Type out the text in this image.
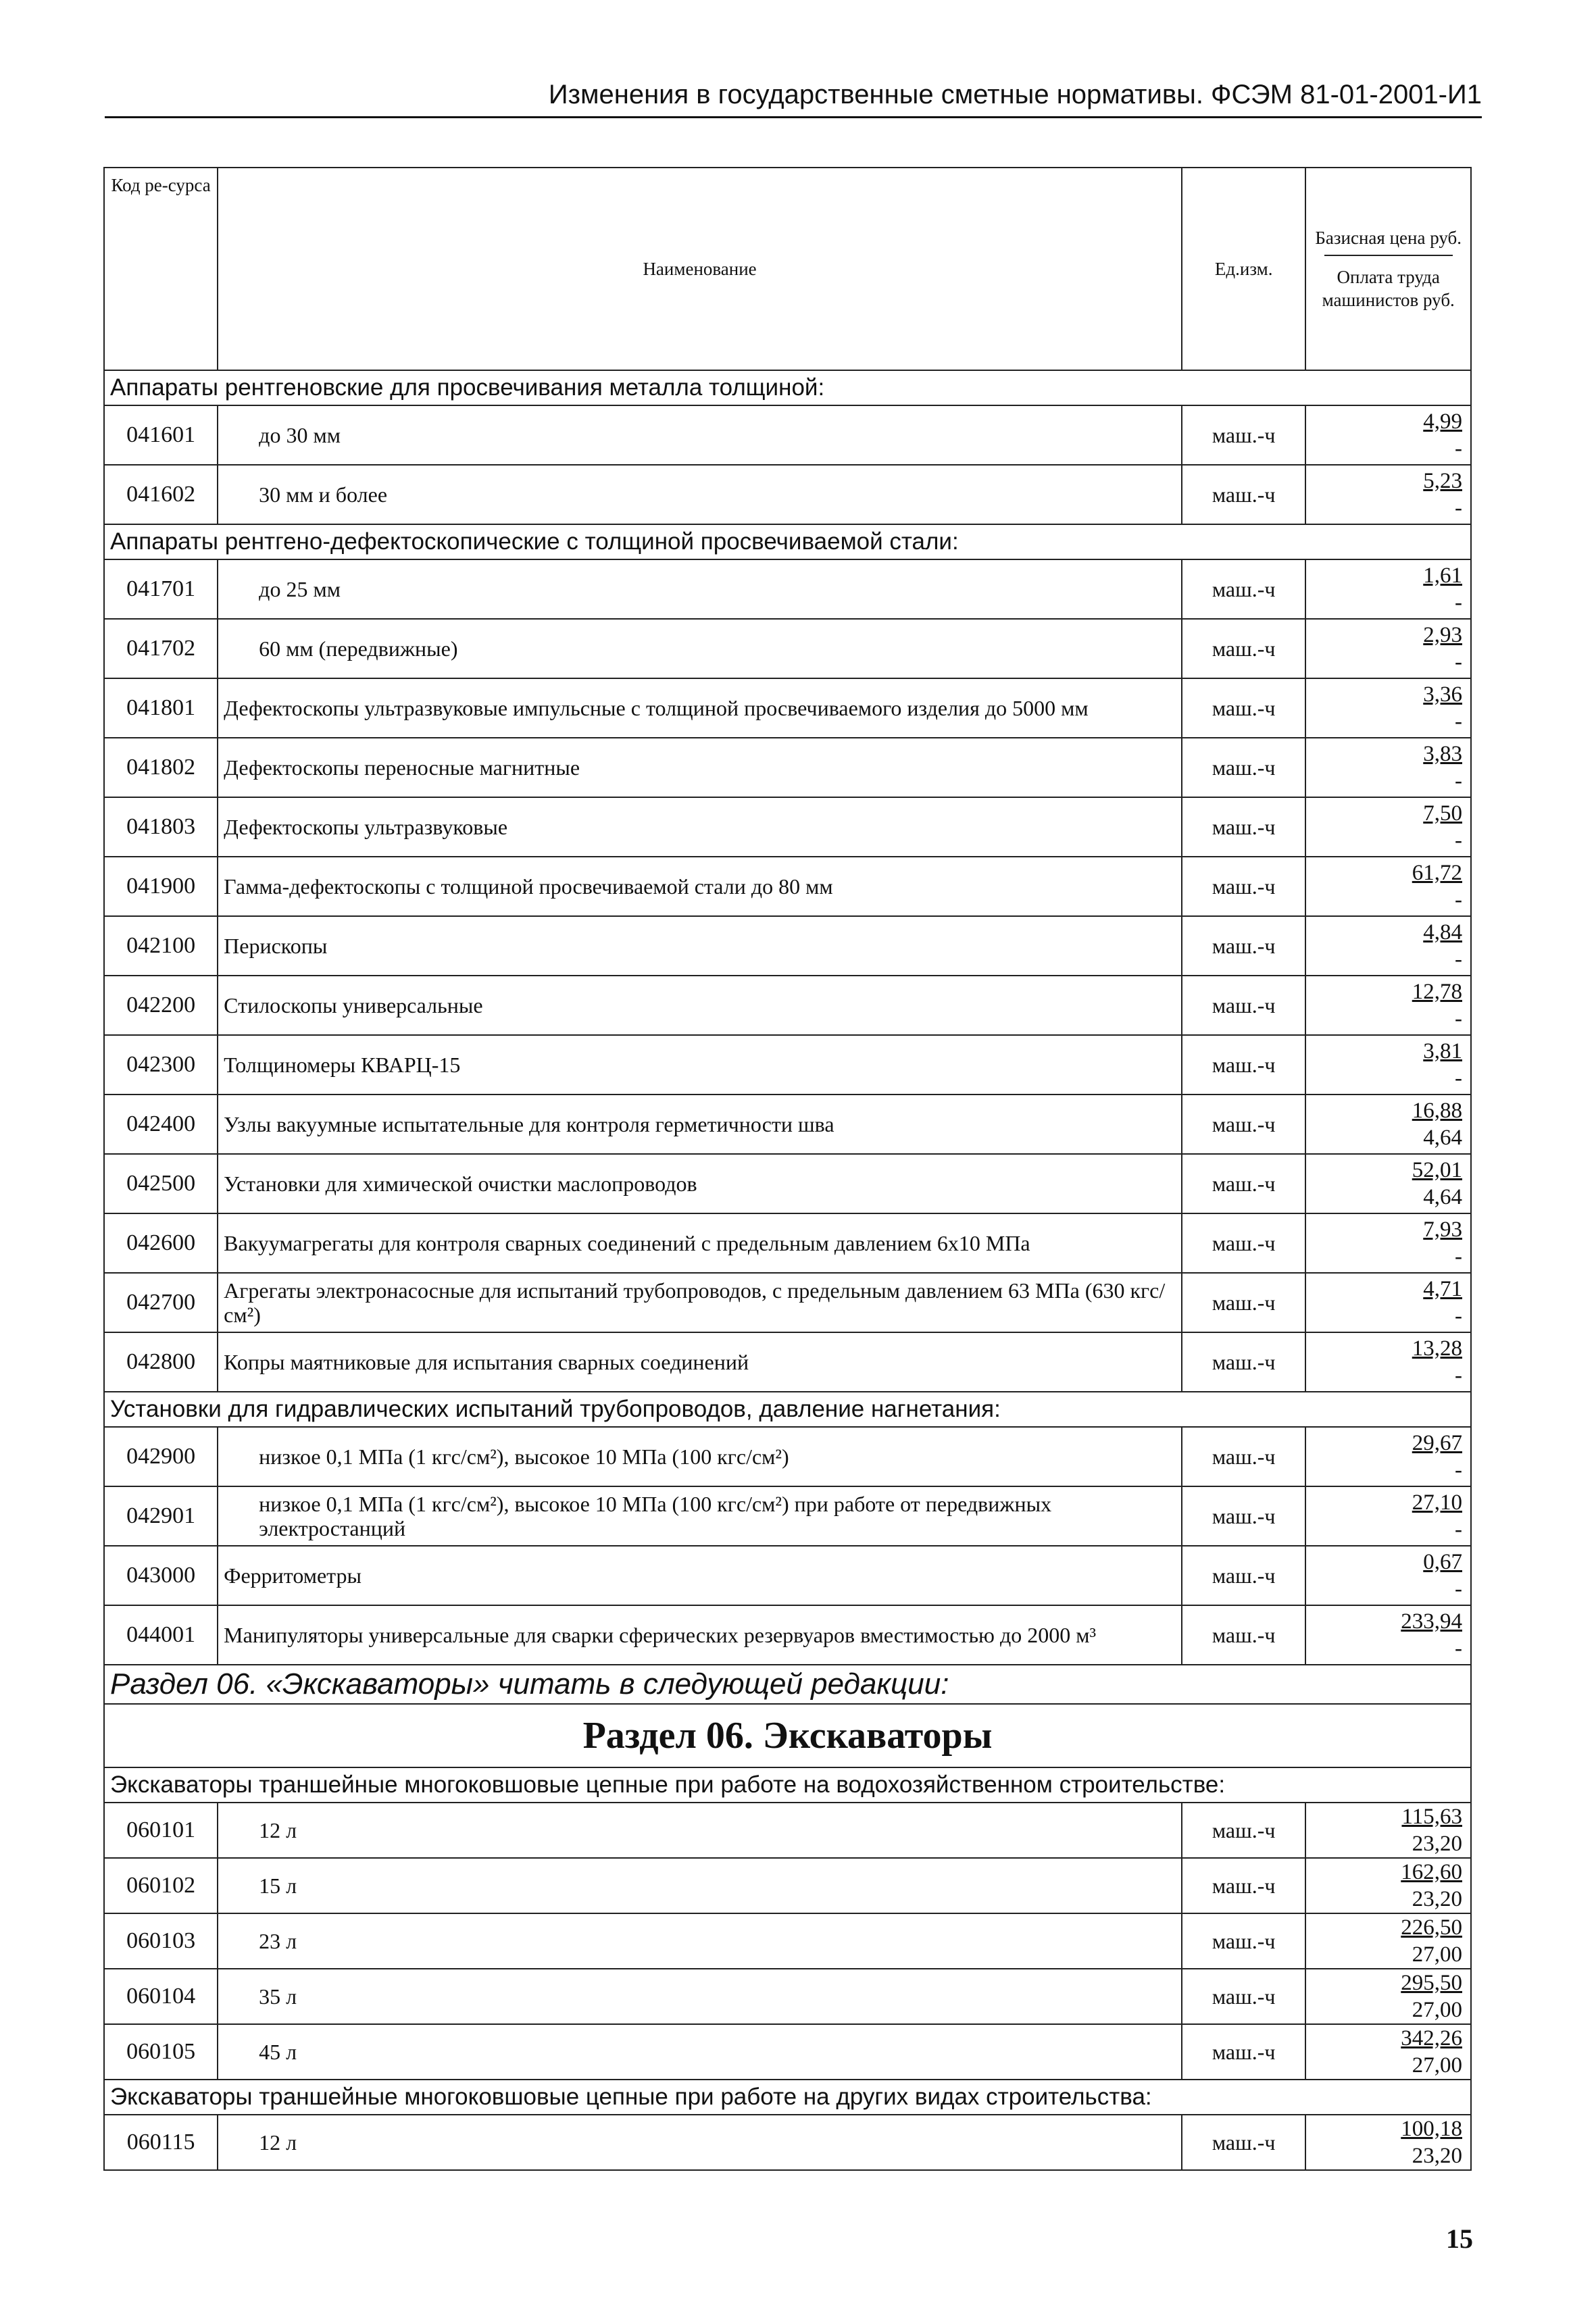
Изменения в государственные сметные нормативы. ФСЭМ 81-01-2001-И1
Код ре-сурса	Наименование	Ед.изм.	Базисная цена руб.
Оплата труда машинистов руб.

Аппараты рентгеновские для просвечивания металла толщиной:			
041601	до 30 мм	маш.-ч	4,99
-

041602	30 мм и более	маш.-ч	5,23
-

Аппараты рентгено-дефектоскопические с толщиной просвечиваемой стали:			
041701	до 25 мм	маш.-ч	1,61
-

041702	60 мм (передвижные)	маш.-ч	2,93
-

041801	Дефектоскопы ультразвуковые импульсные с толщиной просвечиваемого изделия до 5000 мм	маш.-ч	3,36
-

041802	Дефектоскопы переносные магнитные	маш.-ч	3,83
-

041803	Дефектоскопы ультразвуковые	маш.-ч	7,50
-

041900	Гамма-дефектоскопы с толщиной просвечиваемой стали до 80 мм	маш.-ч	61,72
-

042100	Перископы	маш.-ч	4,84
-

042200	Стилоскопы универсальные	маш.-ч	12,78
-

042300	Толщиномеры КВАРЦ-15	маш.-ч	3,81
-

042400	Узлы вакуумные испытательные для контроля герметичности шва	маш.-ч	16,88
4,64

042500	Установки для химической очистки маслопроводов	маш.-ч	52,01
4,64

042600	Вакуумагрегаты для контроля сварных соединений с предельным давлением 6х10 МПа	маш.-ч	7,93
-

042700	Агрегаты электронасосные для испытаний трубопроводов, с предельным давлением 63 МПа (630 кгс/см²)	маш.-ч	4,71
-

042800	Копры маятниковые для испытания сварных соединений	маш.-ч	13,28
-

Установки для гидравлических испытаний трубопроводов, давление нагнетания:			
042900	низкое 0,1 МПа (1 кгс/см²), высокое 10 МПа (100 кгс/см²)	маш.-ч	29,67
-

042901	низкое 0,1 МПа (1 кгс/см²), высокое 10 МПа (100 кгс/см²) при работе от передвижных электростанций	маш.-ч	27,10
-

043000	Ферритометры	маш.-ч	0,67
-

044001	Манипуляторы универсальные для сварки сферических резервуаров вместимостью до 2000 м³	маш.-ч	233,94
-

Раздел 06. «Экскаваторы» читать в следующей редакции:			
Раздел 06. Экскаваторы			
Экскаваторы траншейные многоковшовые цепные при работе на водохозяйственном строительстве:			
060101	12 л	маш.-ч	115,63
23,20

060102	15 л	маш.-ч	162,60
23,20

060103	23 л	маш.-ч	226,50
27,00

060104	35 л	маш.-ч	295,50
27,00

060105	45 л	маш.-ч	342,26
27,00

Экскаваторы траншейные многоковшовые цепные при работе на других видах строительства:			
060115	12 л	маш.-ч	100,18
23,20
15
